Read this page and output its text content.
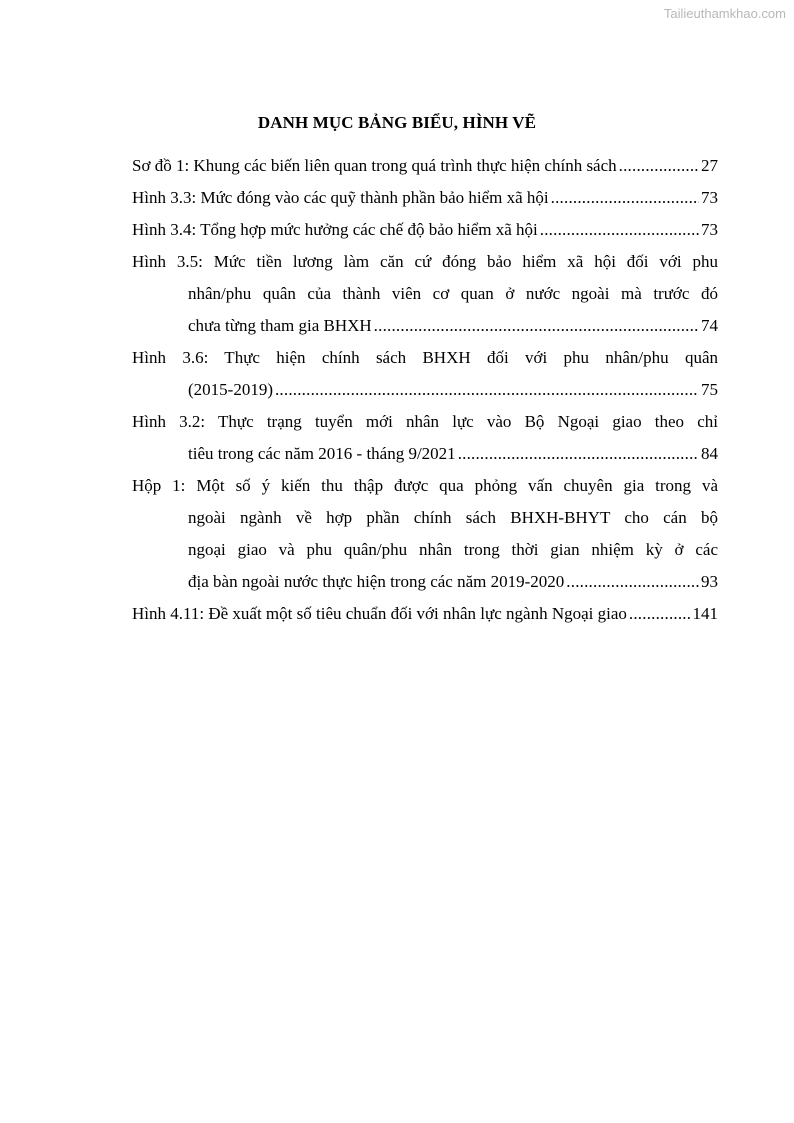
Tailieuthamkhao.com
DANH MỤC BẢNG BIỂU, HÌNH VẼ
Sơ đồ 1: Khung các biến liên quan trong quá trình thực hiện chính sách .....	27
Hình 3.3: Mức đóng vào các quỹ thành phần bảo hiểm xã hội .....	73
Hình 3.4: Tổng hợp mức hưởng các chế độ bảo hiểm xã hội .....	73
Hình 3.5: Mức tiền lương làm căn cứ đóng bảo hiểm xã hội đối với phu
nhân/phu quân của thành viên cơ quan ở nước ngoài mà trước đó
chưa từng tham gia BHXH .....	74
Hình 3.6: Thực hiện chính sách BHXH đối với phu nhân/phu quân
(2015-2019) .....	75
Hình 3.2: Thực trạng tuyển mới nhân lực vào Bộ Ngoại giao theo chỉ
tiêu trong các năm 2016 - tháng 9/2021 .....	84
Hộp 1: Một số ý kiến thu thập được qua phỏng vấn chuyên gia trong và
ngoài ngành về hợp phần chính sách BHXH-BHYT cho cán bộ
ngoại giao và phu quân/phu nhân trong thời gian nhiệm kỳ ở các
địa bàn ngoài nước thực hiện trong các năm 2019-2020 .....	93
Hình 4.11: Đề xuất một số tiêu chuẩn đối với nhân lực ngành Ngoại giao .....	141
